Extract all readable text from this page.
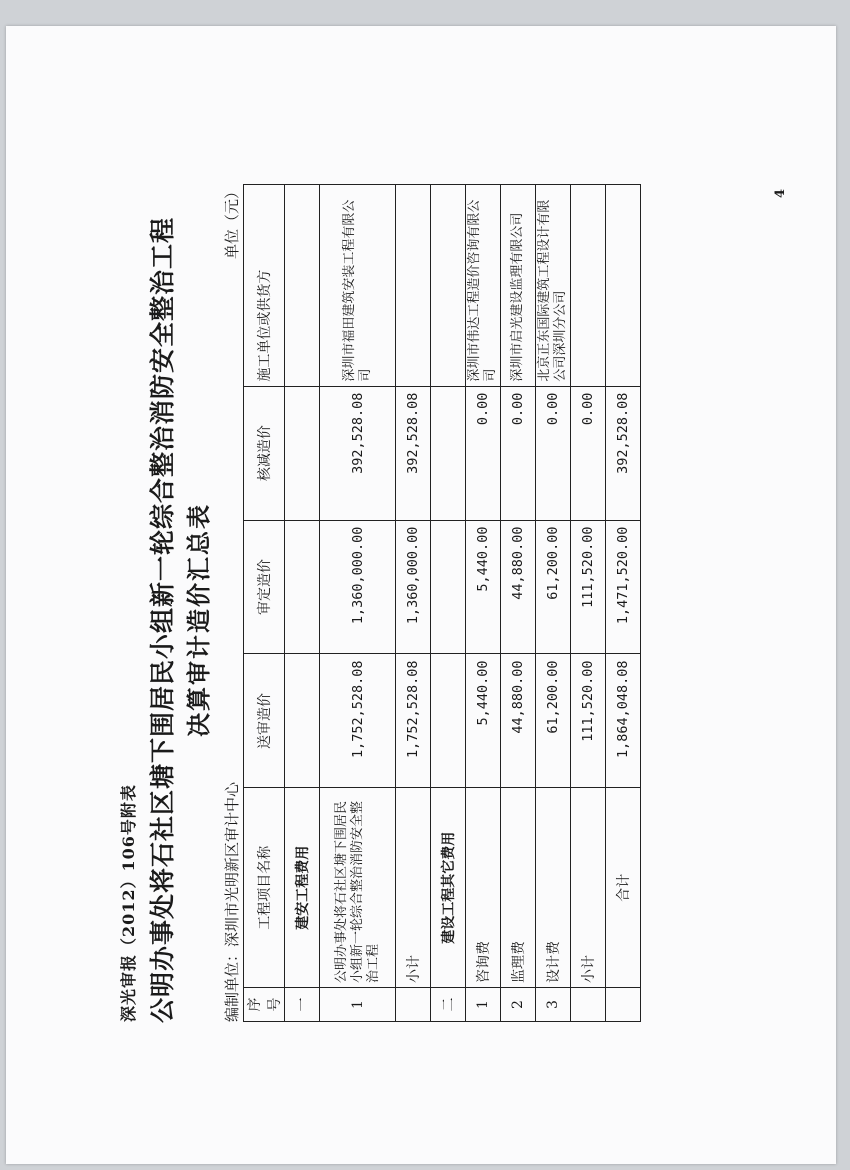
深光审报（2012）106号附表 公明办事处将石社区塘下围居民小组新一轮综合整治消防安全整治工程 决算审计造价汇总表
编制单位：深圳市光明新区审计中心
单位（元）
序号	工程项目名称	送审造价	审定造价	核减造价	施工单位或供货方
一	建安工程费用				
1	公明办事处将石社区塘下围居民小组新一轮综合整治消防安全整治工程	1,752,528.08	1,360,000.00	392,528.08	深圳市福田建筑安装工程有限公司
	小计	1,752,528.08	1,360,000.00	392,528.08	
二	建设工程其它费用				
1	咨询费	5,440.00	5,440.00	0.00	深圳市伟达工程造价咨询有限公司
2	监理费	44,880.00	44,880.00	0.00	深圳市启光建设监理有限公司
3	设计费	61,200.00	61,200.00	0.00	北京正东国际建筑工程设计有限公司深圳分公司
	小计	111,520.00	111,520.00	0.00	
	合计	1,864,048.08	1,471,520.00	392,528.08	
4
